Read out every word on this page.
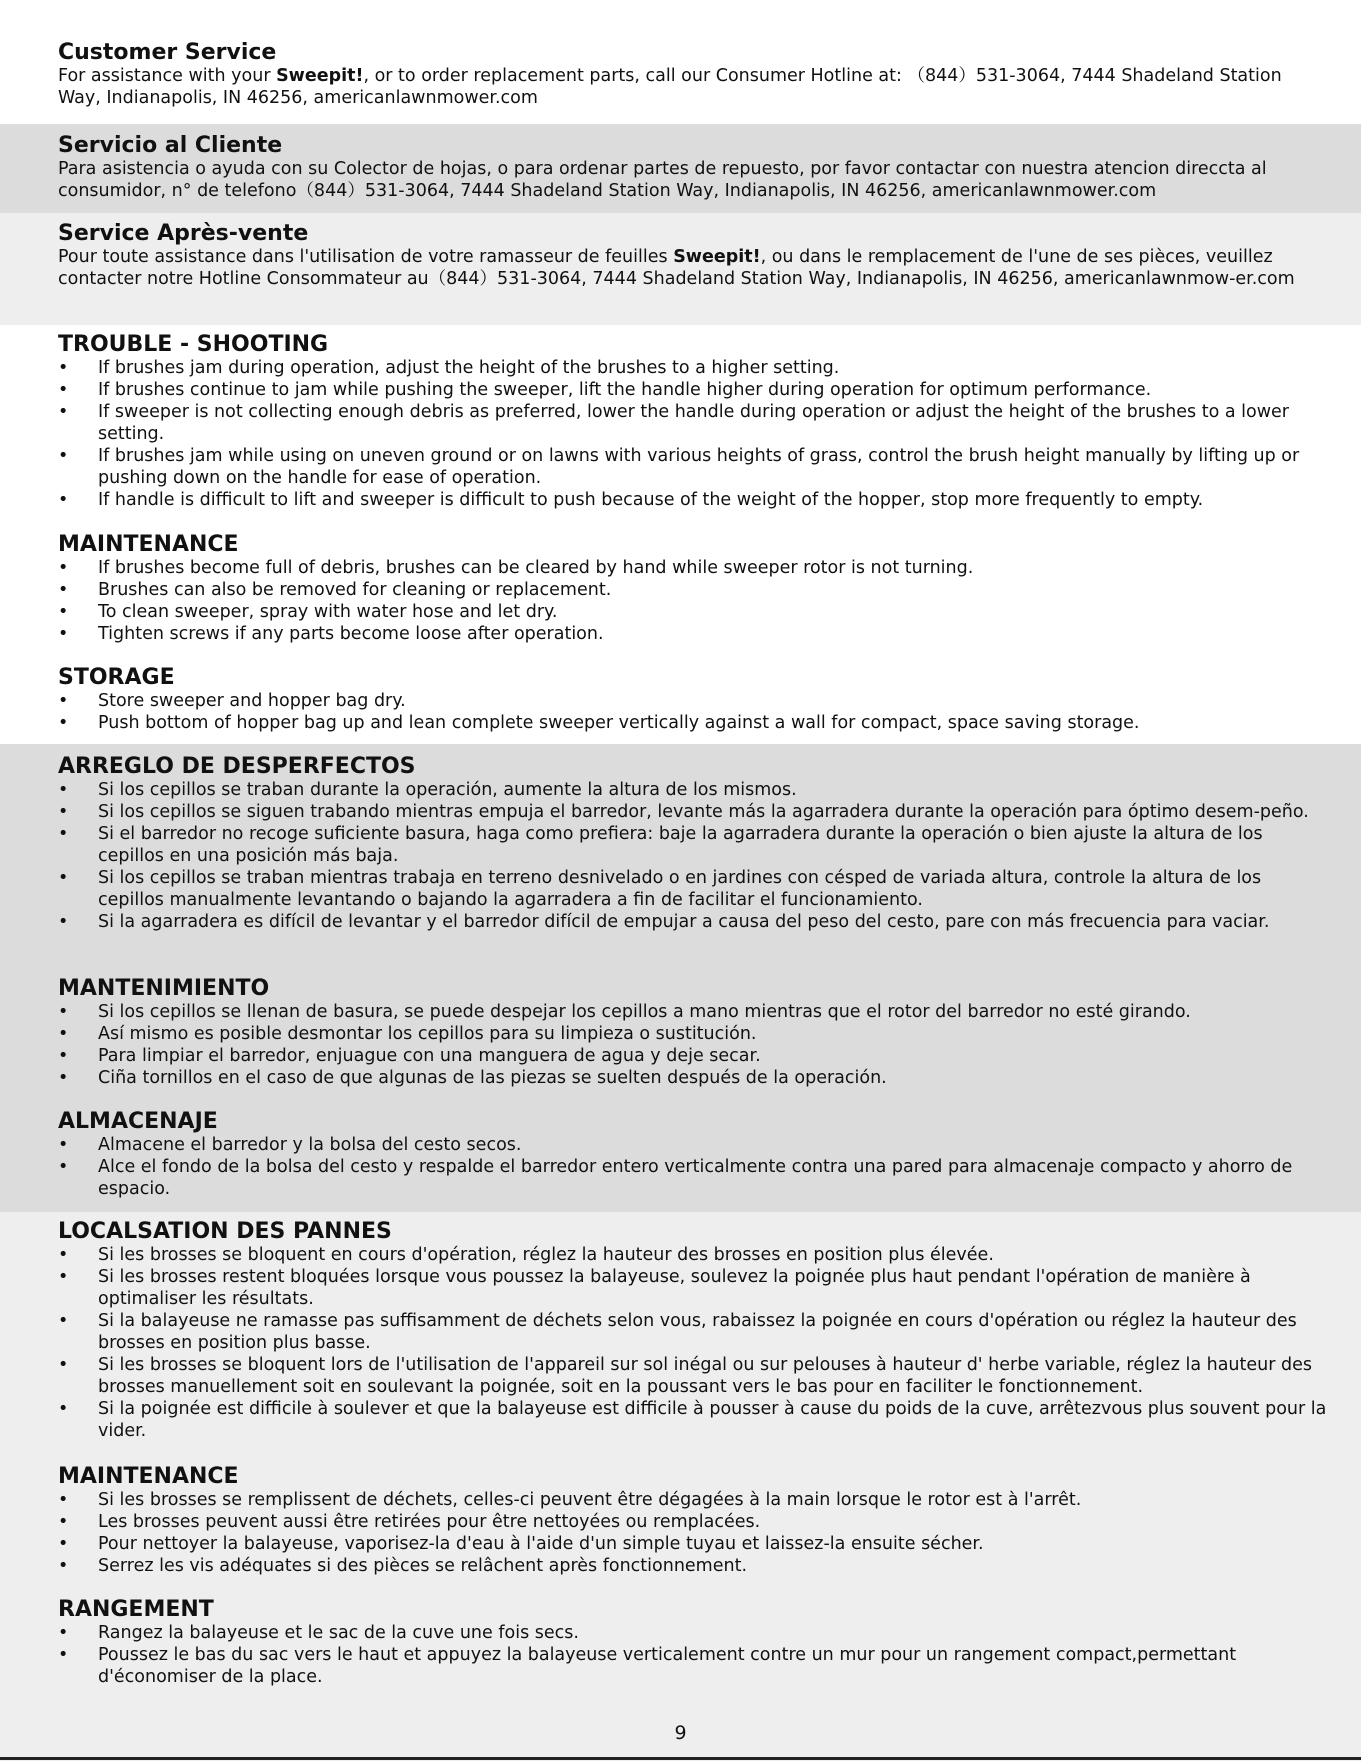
Customer Service

For assistance with your Sweepit!, or to order replacement parts, call our Consumer Hotline at: （844）531-3064, 7444 Shadeland Station Way, Indianapolis, IN 46256, americanlawnmower.com

Servicio al Cliente

Para asistencia o ayuda con su Colector de hojas, o para ordenar partes de repuesto, por favor contactar con nuestra atencion direccta al consumidor, n° de telefono（844）531-3064, 7444 Shadeland Station Way, Indianapolis, IN 46256, americanlawnmower.com

Service Après-vente

Pour toute assistance dans l'utilisation de votre ramasseur de feuilles Sweepit!, ou dans le remplacement de l'une de ses pièces, veuillez contacter notre Hotline Consommateur au（844）531-3064, 7444 Shadeland Station Way, Indianapolis, IN 46256, americanlawnmow-er.com

TROUBLE - SHOOTING
•	If brushes jam during operation, adjust the height of the brushes to a higher setting.
•	If brushes continue to jam while pushing the sweeper, lift the handle higher during operation for optimum performance.
•	If sweeper is not collecting enough debris as preferred, lower the handle during operation or adjust the height of the brushes to a lower setting.
•	If brushes jam while using on uneven ground or on lawns with various heights of grass, control the brush height manually by lifting up or pushing down on the handle for ease of operation.
•	If handle is difficult to lift and sweeper is difficult to push because of the weight of the hopper, stop more frequently to empty.
MAINTENANCE
•	If brushes become full of debris, brushes can be cleared by hand while sweeper rotor is not turning.
•	Brushes can also be removed for cleaning or replacement.
•	To clean sweeper, spray with water hose and let dry.
•	Tighten screws if any parts become loose after operation.
STORAGE
•	Store sweeper and hopper bag dry.
•	Push bottom of hopper bag up and lean complete sweeper vertically against a wall for compact, space saving storage.
ARREGLO DE DESPERFECTOS
•	Si los cepillos se traban durante la operación, aumente la altura de los mismos.
•	Si los cepillos se siguen trabando mientras empuja el barredor, levante más la agarradera durante la operación para óptimo desem-peño.
•	Si el barredor no recoge suficiente basura, haga como prefiera: baje la agarradera durante la operación o bien ajuste la altura de los cepillos en una posición más baja.
•	Si los cepillos se traban mientras trabaja en terreno desnivelado o en jardines con césped de variada altura, controle la altura de los cepillos manualmente levantando o bajando la agarradera a fin de facilitar el funcionamiento.
•	Si la agarradera es difícil de levantar y el barredor difícil de empujar a causa del peso del cesto, pare con más frecuencia para vaciar.
MANTENIMIENTO
•	Si los cepillos se llenan de basura, se puede despejar los cepillos a mano mientras que el rotor del barredor no esté girando.
•	Así mismo es posible desmontar los cepillos para su limpieza o sustitución.
•	Para limpiar el barredor, enjuague con una manguera de agua y deje secar.
•	Ciña tornillos en el caso de que algunas de las piezas se suelten después de la operación.
ALMACENAJE
•	Almacene el barredor y la bolsa del cesto secos.
•	Alce el fondo de la bolsa del cesto y respalde el barredor entero verticalmente contra una pared para almacenaje compacto y ahorro de espacio.
LOCALSATION DES PANNES
•	Si les brosses se bloquent en cours d'opération, réglez la hauteur des brosses en position plus élevée.
•	Si les brosses restent bloquées lorsque vous poussez la balayeuse, soulevez la poignée plus haut pendant l'opération de manière à optimaliser les résultats.
•	Si la balayeuse ne ramasse pas suffisamment de déchets selon vous, rabaissez la poignée en cours d'opération ou réglez la hauteur des brosses en position plus basse.
•	Si les brosses se bloquent lors de l'utilisation de l'appareil sur sol inégal ou sur pelouses à hauteur d' herbe variable, réglez la hauteur des brosses manuellement soit en soulevant la poignée, soit en la poussant vers le bas pour en faciliter le fonctionnement.
•	Si la poignée est difficile à soulever et que la balayeuse est difficile à pousser à cause du poids de la cuve, arrêtezvous plus souvent pour la vider.
MAINTENANCE
•	Si les brosses se remplissent de déchets, celles-ci peuvent être dégagées à la main lorsque le rotor est à l'arrêt.
•	Les brosses peuvent aussi être retirées pour être nettoyées ou remplacées.
•	Pour nettoyer la balayeuse, vaporisez-la d'eau à l'aide d'un simple tuyau et laissez-la ensuite sécher.
•	Serrez les vis adéquates si des pièces se relâchent après fonctionnement.
RANGEMENT
•	Rangez la balayeuse et le sac de la cuve une fois secs.
•	Poussez le bas du sac vers le haut et appuyez la balayeuse verticalement contre un mur pour un rangement compact,permettant d'économiser de la place.
9
